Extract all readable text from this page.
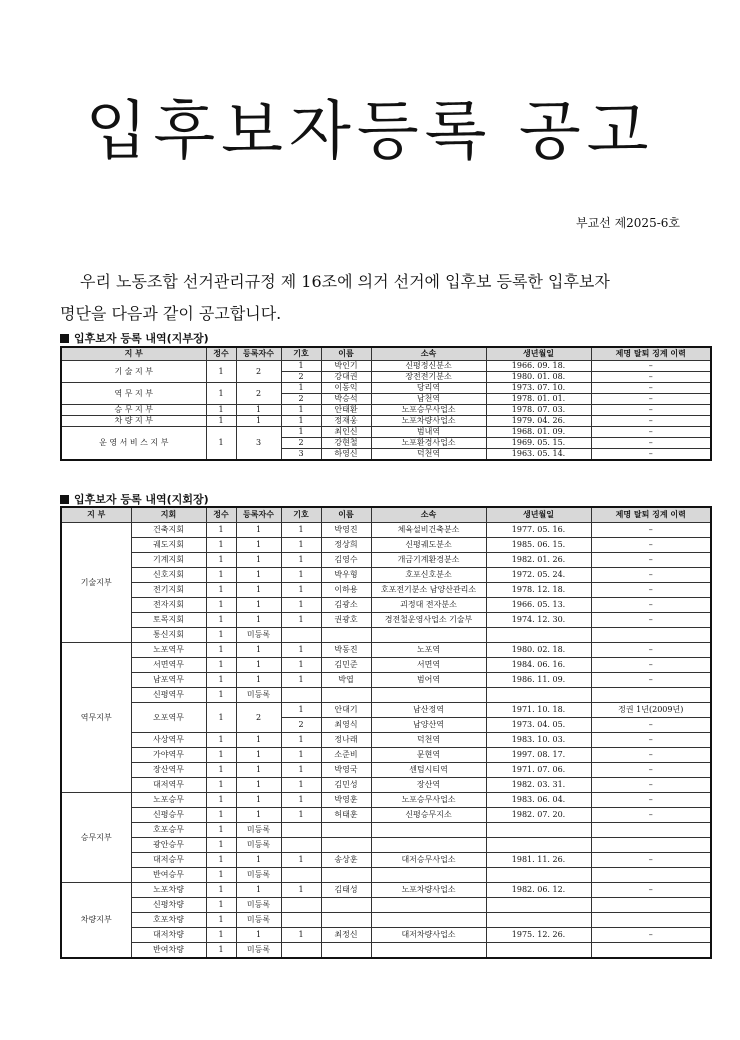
입후보자등록 공고
부교선 제2025-6호
우리 노동조합 선거관리규정 제 16조에 의거 선거에 입후보 등록한 입후보자
명단을 다음과 같이 공고합니다.
입후보자 등록 내역(지부장)
지 부	정수	등록자수	기호	이름	소속	생년월일	제명 탈퇴 징계 이력
기 술 지 부	1	2	1	박인기	신평정신분소	1966. 09. 18.	–
			2	강대권	장전전기분소	1980. 01. 08.	–
역 무 지 부	1	2	1	이동익	당리역	1973. 07. 10.	–
			2	박승석	남천역	1978. 01. 01.	–
승 무 지 부	1	1	1	안태환	노포승무사업소	1978. 07. 03.	–
차 량 지 부	1	1	1	정재웅	노포차량사업소	1979. 04. 26.	–
운 영 서 비 스 지 부	1	3	1	최인신	범내역	1968. 01. 09.	–
			2	강현철	노포환경사업소	1969. 05. 15.	–
			3	하영신	덕천역	1963. 05. 14.	–
입후보자 등록 내역(지회장)
지 부	지회	정수	등록자수	기호	이름	소속	생년월일	제명 탈퇴 징계 이력
기술지부	건축지회	1	1	1	박영진	체육설비건축분소	1977. 05. 16.	–
	궤도지회	1	1	1	정상희	신평궤도분소	1985. 06. 15.	–
	기계지회	1	1	1	김영수	개금기계환경분소	1982. 01. 26.	–
	신호지회	1	1	1	박우형	호포신호분소	1972. 05. 24.	–
	전기지회	1	1	1	이하용	호포전기분소 남양산관리소	1978. 12. 18.	–
	전자지회	1	1	1	김광소	괴정대 전자분소	1966. 05. 13.	–
	토목지회	1	1	1	권광호	경전철운영사업소 기술부	1974. 12. 30.	–
	통신지회	1	미등록					
역무지부	노포역무	1	1	1	박동진	노포역	1980. 02. 18.	–
	서면역무	1	1	1	김민준	서면역	1984. 06. 16.	–
	남포역무	1	1	1	박엽	범어역	1986. 11. 09.	–
	신평역무	1	미등록					
	오포역무	1	2	1	안대기	남산정역	1971. 10. 18.	정권 1년(2009년)
				2	최영식	남양산역	1973. 04. 05.	–
	사상역무	1	1	1	정나래	덕천역	1983. 10. 03.	–
	가야역무	1	1	1	소준비	문현역	1997. 08. 17.	–
	장산역무	1	1	1	박영국	센텀시티역	1971. 07. 06.	–
	대저역무	1	1	1	김민성	장산역	1982. 03. 31.	–
승무지부	노포승무	1	1	1	박영훈	노포승무사업소	1983. 06. 04.	–
	신평승무	1	1	1	허태훈	신평승무지소	1982. 07. 20.	–
	호포승무	1	미등록					
	광안승무	1	미등록					
	대저승무	1	1	1	송상훈	대저승무사업소	1981. 11. 26.	–
	반여승무	1	미등록					
차량지부	노포차량	1	1	1	김태성	노포차량사업소	1982. 06. 12.	–
	신평차량	1	미등록					
	호포차량	1	미등록					
	대저차량	1	1	1	최정신	대저차량사업소	1975. 12. 26.	–
	반여차량	1	미등록					
